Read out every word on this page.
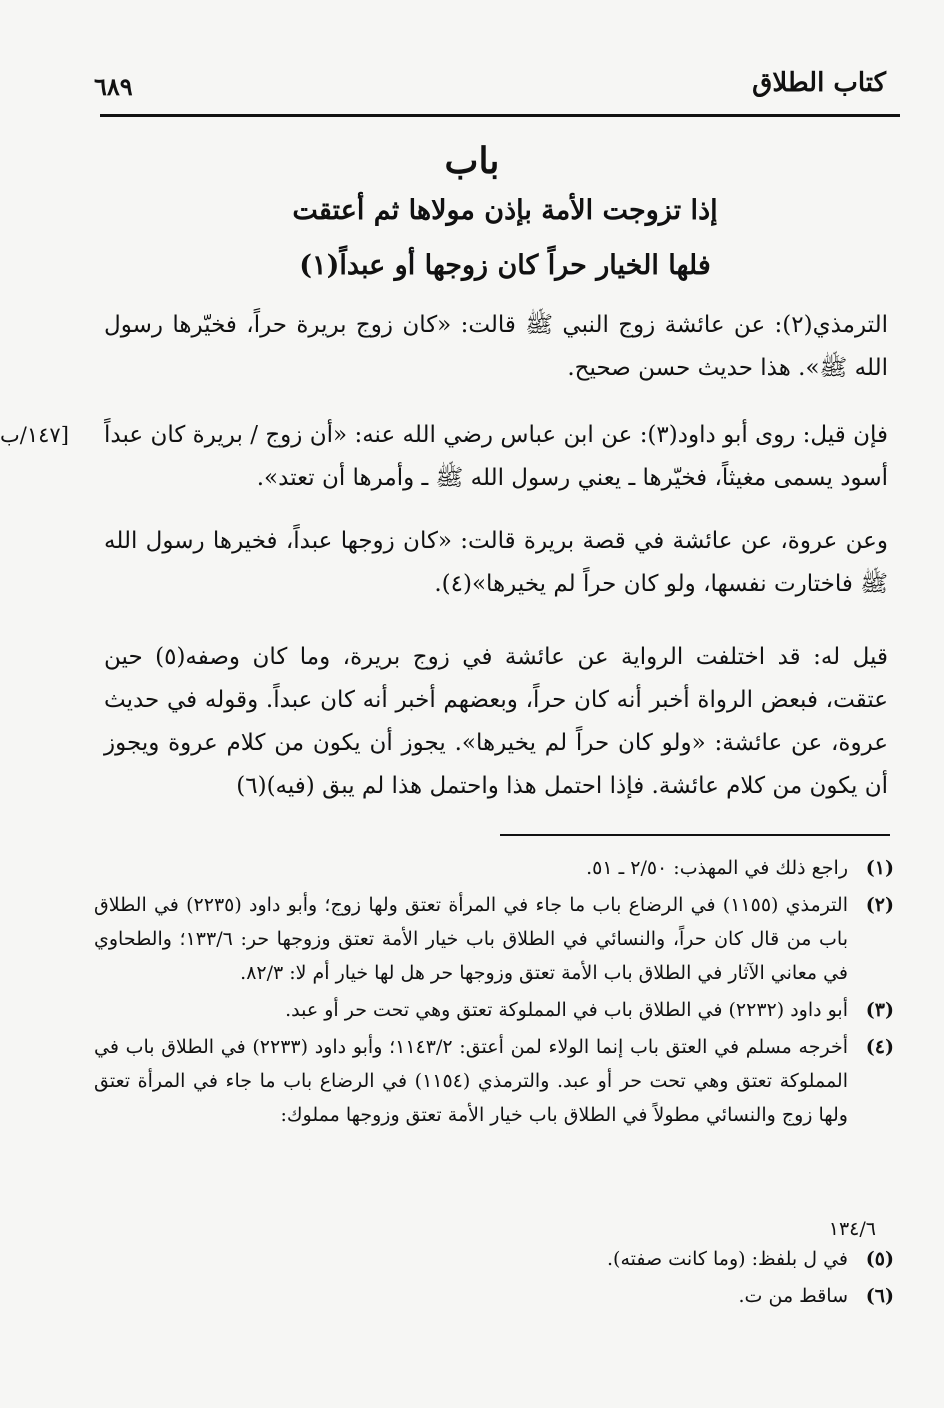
كتاب الطلاق
٦٨٩
باب
إذا تزوجت الأمة بإذن مولاها ثم أعتقت
فلها الخيار حراً كان زوجها أو عبداً(١)
[١٤٧/ب
الترمذي(٢): عن عائشة زوج النبي ﷺ قالت: «كان زوج بريرة حراً، فخيّرها رسول الله ﷺ». هذا حديث حسن صحيح.
فإن قيل: روى أبو داود(٣): عن ابن عباس رضي الله عنه: «أن زوج / بريرة كان عبداً أسود يسمى مغيثاً، فخيّرها ـ يعني رسول الله ﷺ ـ وأمرها أن تعتد».
وعن عروة، عن عائشة في قصة بريرة قالت: «كان زوجها عبداً، فخيرها رسول الله ﷺ فاختارت نفسها، ولو كان حراً لم يخيرها»(٤).
قيل له: قد اختلفت الرواية عن عائشة في زوج بريرة، وما كان وصفه(٥) حين عتقت، فبعض الرواة أخبر أنه كان حراً، وبعضهم أخبر أنه كان عبداً. وقوله في حديث عروة، عن عائشة: «ولو كان حراً لم يخيرها». يجوز أن يكون من كلام عروة ويجوز أن يكون من كلام عائشة. فإذا احتمل هذا واحتمل هذا لم يبق (فيه)(٦)
(١)
راجع ذلك في المهذب: ٢/٥٠ ـ ٥١.
(٢)
الترمذي (١١٥٥) في الرضاع باب ما جاء في المرأة تعتق ولها زوج؛ وأبو داود (٢٢٣٥) في الطلاق باب من قال كان حراً، والنسائي في الطلاق باب خيار الأمة تعتق وزوجها حر: ١٣٣/٦؛ والطحاوي في معاني الآثار في الطلاق باب الأمة تعتق وزوجها حر هل لها خيار أم لا: ٨٢/٣.
(٣)
أبو داود (٢٢٣٢) في الطلاق باب في المملوكة تعتق وهي تحت حر أو عبد.
(٤)
أخرجه مسلم في العتق باب إنما الولاء لمن أعتق: ١١٤٣/٢؛ وأبو داود (٢٢٣٣) في الطلاق باب في المملوكة تعتق وهي تحت حر أو عبد. والترمذي (١١٥٤) في الرضاع باب ما جاء في المرأة تعتق ولها زوج والنسائي مطولاً في الطلاق باب خيار الأمة تعتق وزوجها مملوك:
١٣٤/٦
(٥)
في ل بلفظ: (وما كانت صفته).
(٦)
ساقط من ت.
